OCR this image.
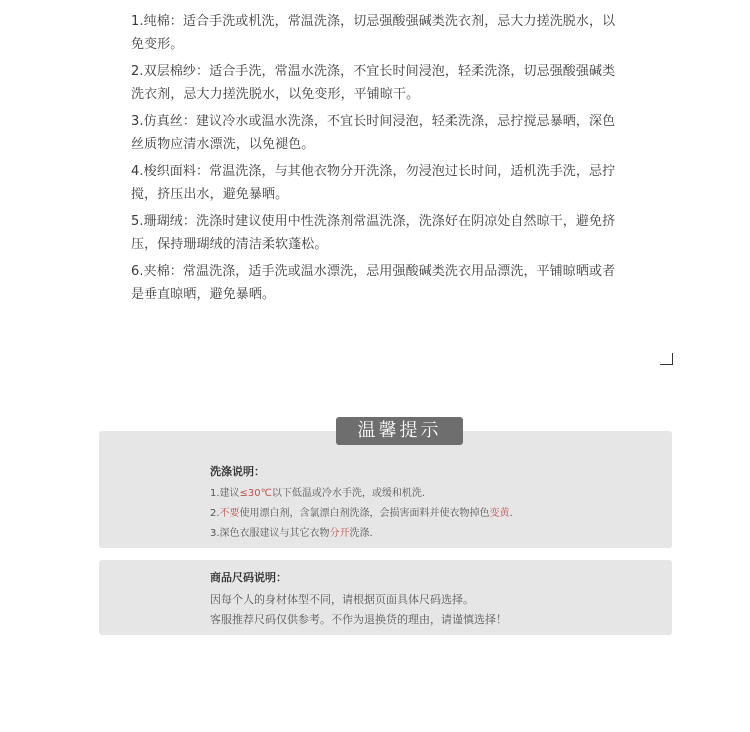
1.纯棉：适合手洗或机洗，常温洗涤，切忌强酸强碱类洗衣剂，忌大力搓洗脱水，以免变形。

2.双层棉纱：适合手洗，常温水洗涤，不宜长时间浸泡，轻柔洗涤，切忌强酸强碱类洗衣剂，忌大力搓洗脱水，以免变形，平铺晾干。

3.仿真丝：建议冷水或温水洗涤，不宜长时间浸泡，轻柔洗涤，忌拧搅忌暴晒，深色丝质物应清水漂洗，以免褪色。

4.梭织面料：常温洗涤，与其他衣物分开洗涤，勿浸泡过长时间，适机洗手洗，忌拧搅，挤压出水，避免暴晒。

5.珊瑚绒：洗涤时建议使用中性洗涤剂常温洗涤，洗涤好在阴凉处自然晾干，避免挤压，保持珊瑚绒的清洁柔软蓬松。

6.夹棉：常温洗涤，适手洗或温水漂洗，忌用强酸碱类洗衣用品漂洗，平铺晾晒或者是垂直晾晒，避免暴晒。

温馨提示
洗涤说明：
1.建议≤30℃以下低温或冷水手洗，或缓和机洗.
2.不要使用漂白剂，含氯漂白剂洗涤，会损害面料并使衣物掉色变黄.
3.深色衣服建议与其它衣物分开洗涤.
商品尺码说明：
因每个人的身材体型不同，请根据页面具体尺码选择。
客服推荐尺码仅供参考。不作为退换货的理由，请谨慎选择！
